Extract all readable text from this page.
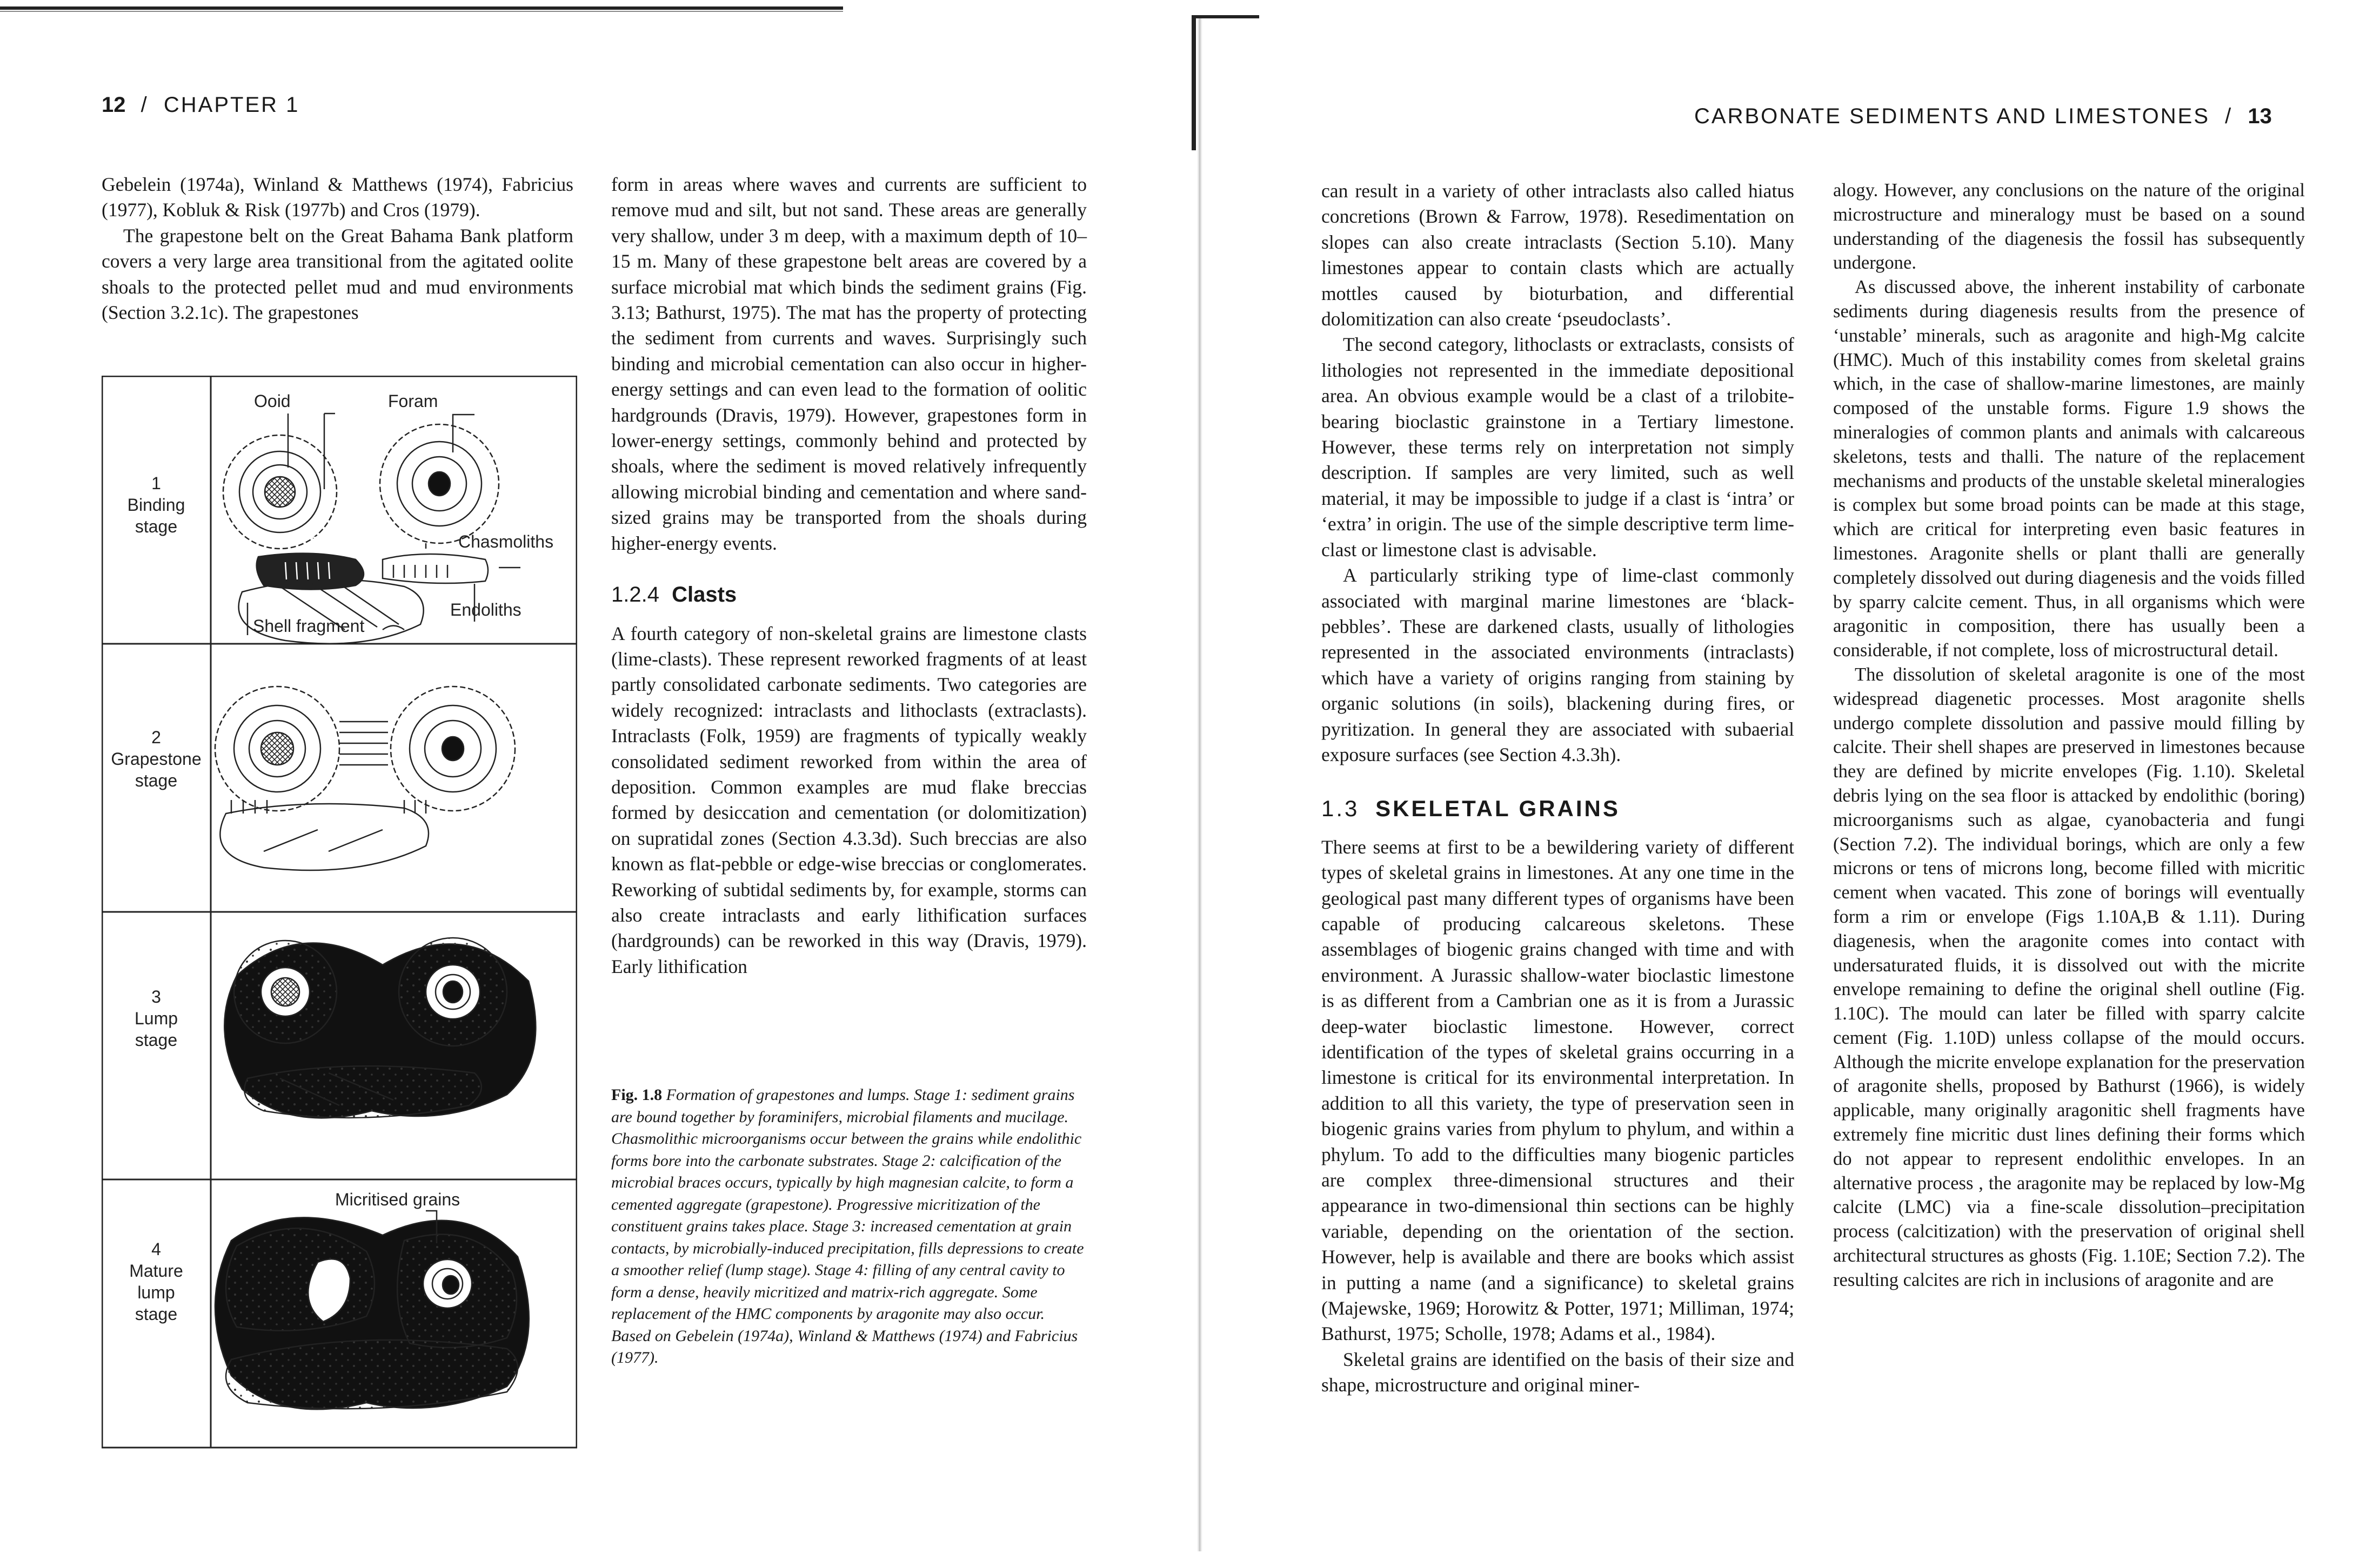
12 / CHAPTER 1

Gebelein (1974a), Winland & Matthews (1974), Fabricius (1977), Kobluk & Risk (1977b) and Cros (1979).

The grapestone belt on the Great Bahama Bank platform covers a very large area transitional from the agitated oolite shoals to the protected pellet mud and mud environments (Section 3.2.1c). The grapestones

1
Binding
stage
2
Grapestone
stage
3
Lump
stage
4
Mature
lump
stage
Ooid	Foram
Chasmoliths
Endoliths
Shell fragment
Micritised grains
Fig. 1.8 Formation of grapestones and lumps. Stage 1: sediment grains are bound together by foraminifers, microbial filaments and mucilage. Chasmolithic microorganisms occur between the grains while endolithic forms bore into the carbonate substrates. Stage 2: calcification of the microbial braces occurs, typically by high magnesian calcite, to form a cemented aggregate (grapestone). Progressive micritization of the constituent grains takes place. Stage 3: increased cementation at grain contacts, by microbially-induced precipitation, fills depressions to create a smoother relief (lump stage). Stage 4: filling of any central cavity to form a dense, heavily micritized and matrix-rich aggregate. Some replacement of the HMC components by aragonite may also occur. Based on Gebelein (1974a), Winland & Matthews (1974) and Fabricius (1977).

form in areas where waves and currents are sufficient to remove mud and silt, but not sand. These areas are generally very shallow, under 3 m deep, with a maximum depth of 10–15 m. Many of these grapestone belt areas are covered by a surface microbial mat which binds the sediment grains (Fig. 3.13; Bathurst, 1975). The mat has the property of protecting the sediment from currents and waves. Surprisingly such binding and microbial cementation can also occur in higher-energy settings and can even lead to the formation of oolitic hardgrounds (Dravis, 1979). However, grapestones form in lower-energy settings, commonly behind and protected by shoals, where the sediment is moved relatively infrequently allowing microbial binding and cementation and where sand-sized grains may be transported from the shoals during higher-energy events.

1.2.4 Clasts

A fourth category of non-skeletal grains are limestone clasts (lime-clasts). These represent reworked fragments of at least partly consolidated carbonate sediments. Two categories are widely recognized: intraclasts and lithoclasts (extraclasts). Intraclasts (Folk, 1959) are fragments of typically weakly consolidated sediment reworked from within the area of deposition. Common examples are mud flake breccias formed by desiccation and cementation (or dolomitization) on supratidal zones (Section 4.3.3d). Such breccias are also known as flat-pebble or edge-wise breccias or conglomerates. Reworking of subtidal sediments by, for example, storms can also create intraclasts and early lithification surfaces (hardgrounds) can be reworked in this way (Dravis, 1979). Early lithification

CARBONATE SEDIMENTS AND LIMESTONES / 13

can result in a variety of other intraclasts also called hiatus concretions (Brown & Farrow, 1978). Resedimentation on slopes can also create intraclasts (Section 5.10). Many limestones appear to contain clasts which are actually mottles caused by bioturbation, and differential dolomitization can also create ‘pseudoclasts’.

The second category, lithoclasts or extraclasts, consists of lithologies not represented in the immediate depositional area. An obvious example would be a clast of a trilobite-bearing bioclastic grainstone in a Tertiary limestone. However, these terms rely on interpretation not simply description. If samples are very limited, such as well material, it may be impossible to judge if a clast is ‘intra’ or ‘extra’ in origin. The use of the simple descriptive term lime-clast or limestone clast is advisable.

A particularly striking type of lime-clast commonly associated with marginal marine limestones are ‘black-pebbles’. These are darkened clasts, usually of lithologies represented in the associated environments (intraclasts) which have a variety of origins ranging from staining by organic solutions (in soils), blackening during fires, or pyritization. In general they are associated with subaerial exposure surfaces (see Section 4.3.3h).

1.3 SKELETAL GRAINS

There seems at first to be a bewildering variety of different types of skeletal grains in limestones. At any one time in the geological past many different types of organisms have been capable of producing calcareous skeletons. These assemblages of biogenic grains changed with time and with environment. A Jurassic shallow-water bioclastic limestone is as different from a Cambrian one as it is from a Jurassic deep-water bioclastic limestone. However, correct identification of the types of skeletal grains occurring in a limestone is critical for its environmental interpretation. In addition to all this variety, the type of preservation seen in biogenic grains varies from phylum to phylum, and within a phylum. To add to the difficulties many biogenic particles are complex three-dimensional structures and their appearance in two-dimensional thin sections can be highly variable, depending on the orientation of the section. However, help is available and there are books which assist in putting a name (and a significance) to skeletal grains (Majewske, 1969; Horowitz & Potter, 1971; Milliman, 1974; Bathurst, 1975; Scholle, 1978; Adams et al., 1984).

Skeletal grains are identified on the basis of their size and shape, microstructure and original miner-

alogy. However, any conclusions on the nature of the original microstructure and mineralogy must be based on a sound understanding of the diagenesis the fossil has subsequently undergone.

As discussed above, the inherent instability of carbonate sediments during diagenesis results from the presence of ‘unstable’ minerals, such as aragonite and high-Mg calcite (HMC). Much of this instability comes from skeletal grains which, in the case of shallow-marine limestones, are mainly composed of the unstable forms. Figure 1.9 shows the mineralogies of common plants and animals with calcareous skeletons, tests and thalli. The nature of the replacement mechanisms and products of the unstable skeletal mineralogies is complex but some broad points can be made at this stage, which are critical for interpreting even basic features in limestones. Aragonite shells or plant thalli are generally completely dissolved out during diagenesis and the voids filled by sparry calcite cement. Thus, in all organisms which were aragonitic in composition, there has usually been a considerable, if not complete, loss of microstructural detail.

The dissolution of skeletal aragonite is one of the most widespread diagenetic processes. Most aragonite shells undergo complete dissolution and passive mould filling by calcite. Their shell shapes are preserved in limestones because they are defined by micrite envelopes (Fig. 1.10). Skeletal debris lying on the sea floor is attacked by endolithic (boring) microorganisms such as algae, cyanobacteria and fungi (Section 7.2). The individual borings, which are only a few microns or tens of microns long, become filled with micritic cement when vacated. This zone of borings will eventually form a rim or envelope (Figs 1.10A,B & 1.11). During diagenesis, when the aragonite comes into contact with undersaturated fluids, it is dissolved out with the micrite envelope remaining to define the original shell outline (Fig. 1.10C). The mould can later be filled with sparry calcite cement (Fig. 1.10D) unless collapse of the mould occurs. Although the micrite envelope explanation for the preservation of aragonite shells, proposed by Bathurst (1966), is widely applicable, many originally aragonitic shell fragments have extremely fine micritic dust lines defining their forms which do not appear to represent endolithic envelopes. In an alternative process , the aragonite may be replaced by low-Mg calcite (LMC) via a fine-scale dissolution–precipitation process (calcitization) with the preservation of original shell architectural structures as ghosts (Fig. 1.10E; Section 7.2). The resulting calcites are rich in inclusions of aragonite and are
